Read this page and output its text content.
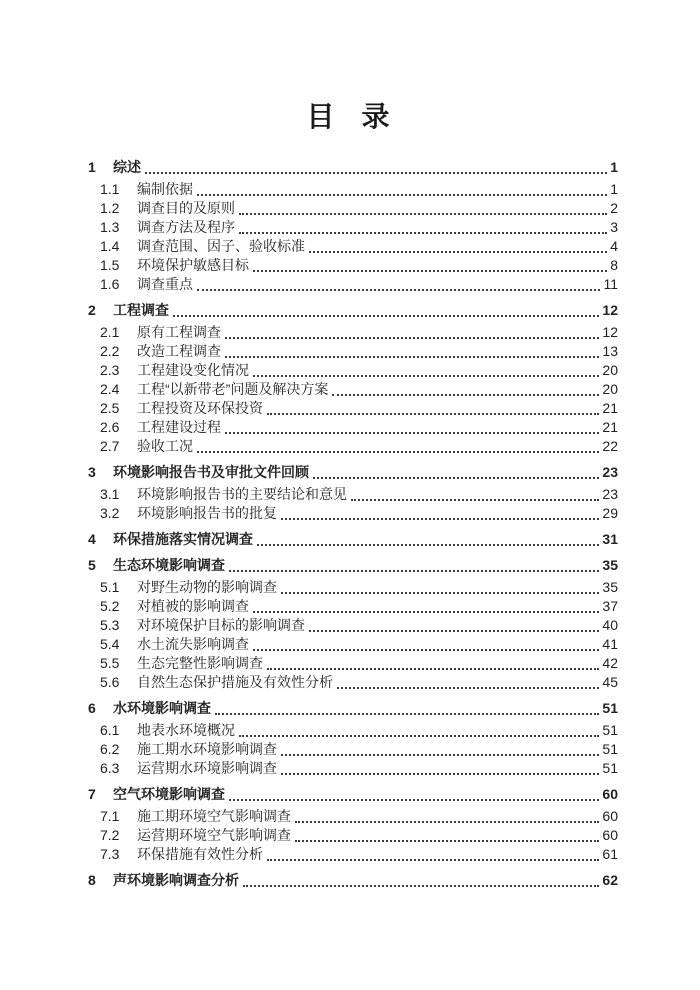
目 录
1	综述	1
1.1	编制依据	1
1.2	调查目的及原则	2
1.3	调查方法及程序	3
1.4	调查范围、因子、验收标准	4
1.5	环境保护敏感目标	8
1.6	调查重点	11
2	工程调查	12
2.1	原有工程调查	12
2.2	改造工程调查	13
2.3	工程建设变化情况	20
2.4	工程“以新带老”问题及解决方案	20
2.5	工程投资及环保投资	21
2.6	工程建设过程	21
2.7	验收工况	22
3	环境影响报告书及审批文件回顾	23
3.1	环境影响报告书的主要结论和意见	23
3.2	环境影响报告书的批复	29
4	环保措施落实情况调查	31
5	生态环境影响调查	35
5.1	对野生动物的影响调查	35
5.2	对植被的影响调查	37
5.3	对环境保护目标的影响调查	40
5.4	水土流失影响调查	41
5.5	生态完整性影响调查	42
5.6	自然生态保护措施及有效性分析	45
6	水环境影响调查	51
6.1	地表水环境概况	51
6.2	施工期水环境影响调查	51
6.3	运营期水环境影响调查	51
7	空气环境影响调查	60
7.1	施工期环境空气影响调查	60
7.2	运营期环境空气影响调查	60
7.3	环保措施有效性分析	61
8	声环境影响调查分析	62
